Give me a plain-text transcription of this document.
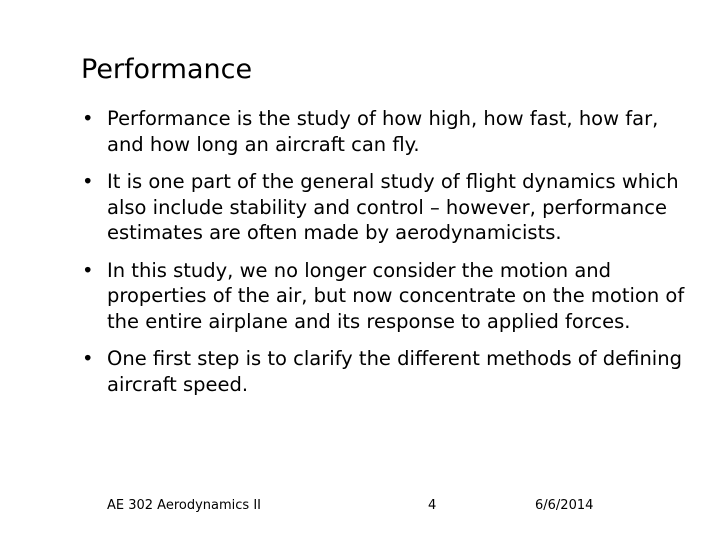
Performance
• Performance is the study of how high, how fast, how far, and how long an aircraft can fly.
• It is one part of the general study of flight dynamics which also include stability and control – however, performance estimates are often made by aerodynamicists.
• In this study, we no longer consider the motion and properties of the air, but now concentrate on the motion of the entire airplane and its response to applied forces.
• One first step is to clarify the different methods of defining aircraft speed.
AE 302 Aerodynamics II	4	6/6/2014
